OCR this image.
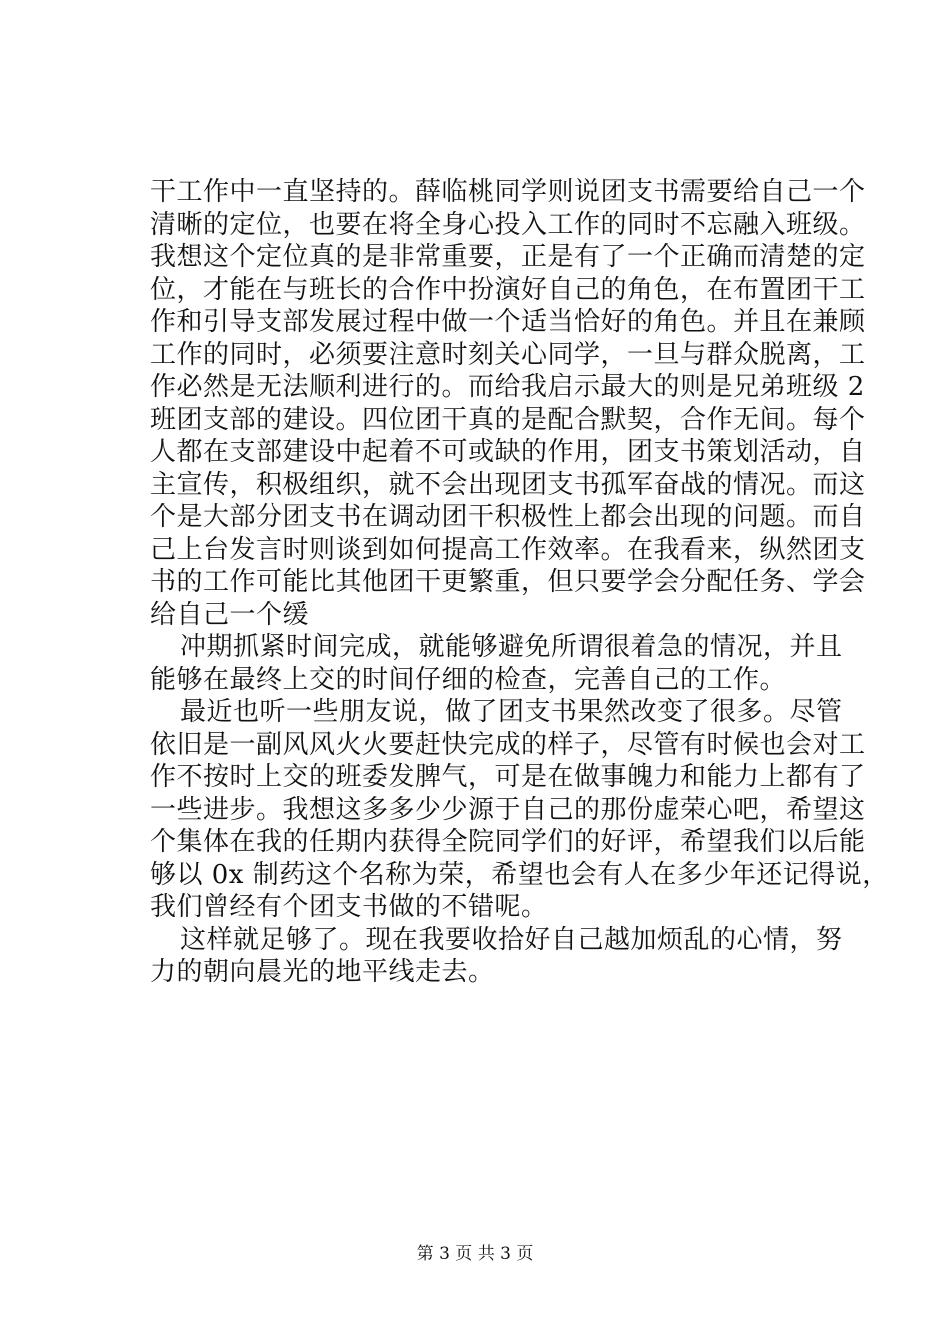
干工作中一直坚持的。薛临桃同学则说团支书需要给自己一个
清晰的定位，也要在将全身心投入工作的同时不忘融入班级。
我想这个定位真的是非常重要，正是有了一个正确而清楚的定
位，才能在与班长的合作中扮演好自己的角色，在布置团干工
作和引导支部发展过程中做一个适当恰好的角色。并且在兼顾
工作的同时，必须要注意时刻关心同学，一旦与群众脱离，工
作必然是无法顺利进行的。而给我启示最大的则是兄弟班级 2
班团支部的建设。四位团干真的是配合默契，合作无间。每个
人都在支部建设中起着不可或缺的作用，团支书策划活动，自
主宣传，积极组织，就不会出现团支书孤军奋战的情况。而这
个是大部分团支书在调动团干积极性上都会出现的问题。而自
己上台发言时则谈到如何提高工作效率。在我看来，纵然团支
书的工作可能比其他团干更繁重，但只要学会分配任务、学会
给自己一个缓
冲期抓紧时间完成，就能够避免所谓很着急的情况，并且
能够在最终上交的时间仔细的检查，完善自己的工作。
最近也听一些朋友说，做了团支书果然改变了很多。尽管
依旧是一副风风火火要赶快完成的样子，尽管有时候也会对工
作不按时上交的班委发脾气，可是在做事魄力和能力上都有了
一些进步。我想这多多少少源于自己的那份虚荣心吧，希望这
个集体在我的任期内获得全院同学们的好评，希望我们以后能
够以 0x 制药这个名称为荣，希望也会有人在多少年还记得说，
我们曾经有个团支书做的不错呢。
这样就足够了。现在我要收拾好自己越加烦乱的心情，努
力的朝向晨光的地平线走去。
第 3 页 共 3 页
